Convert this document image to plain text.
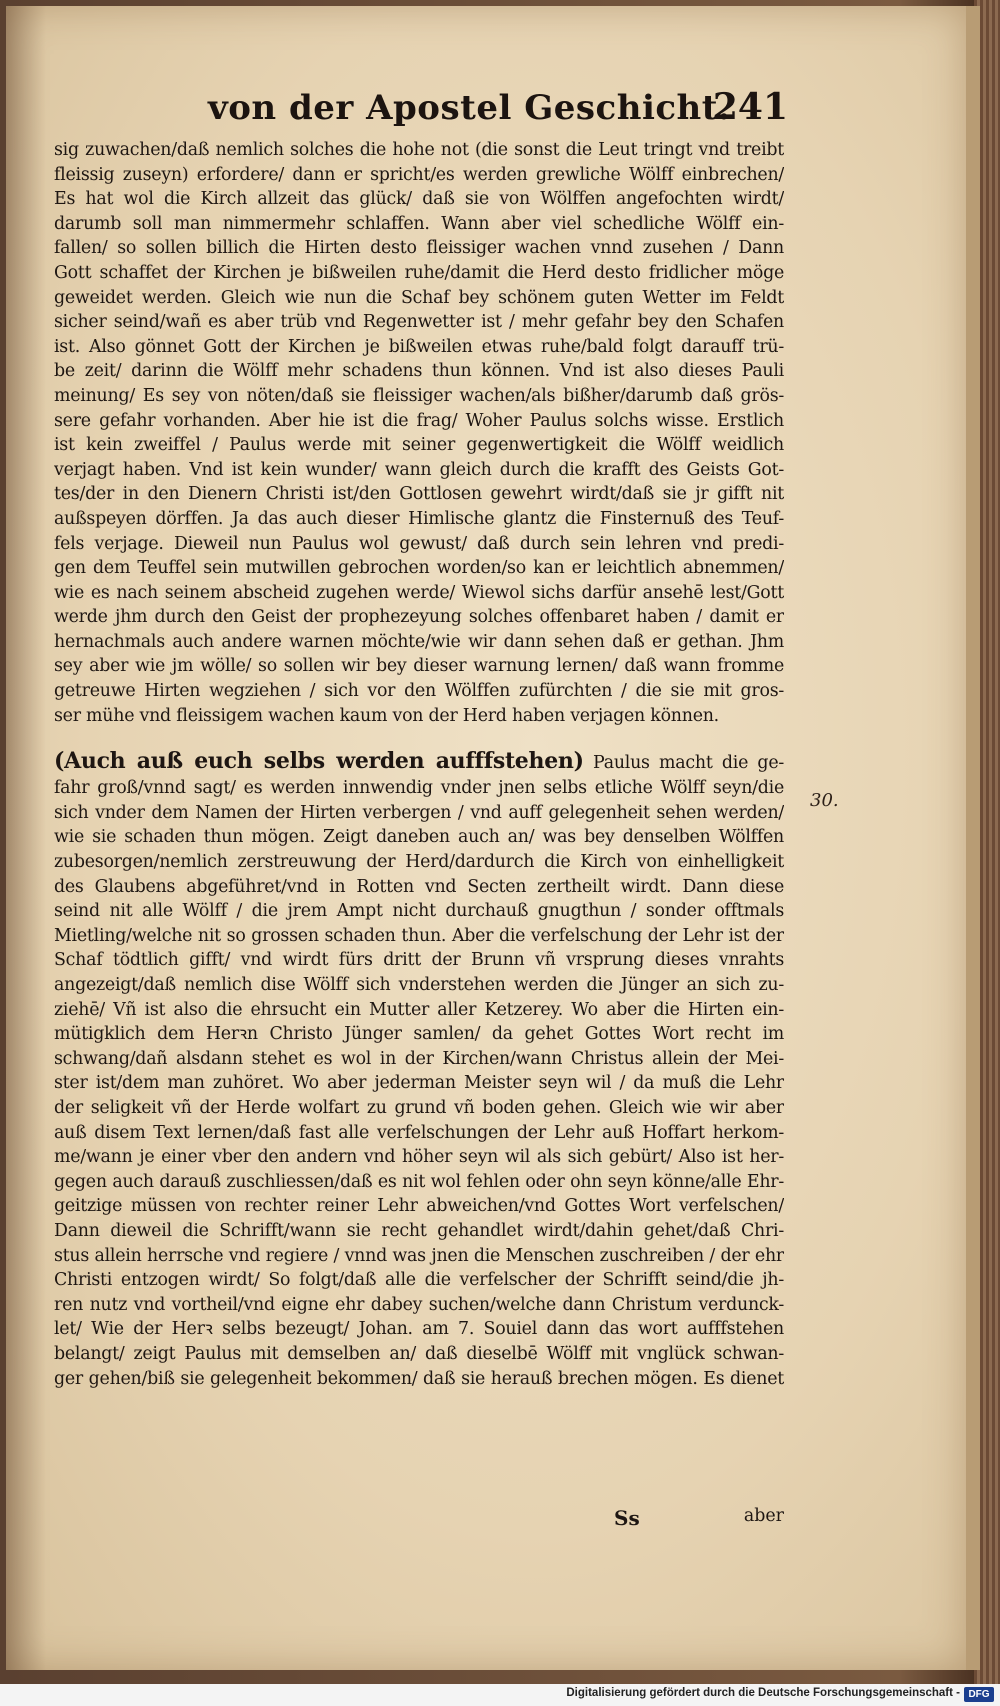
von der Apostel Geschicht.
241
sig zuwachen/daß nemlich solches die hohe not (die sonst die Leut tringt vnd treibt
fleissig zuseyn) erfordere/ dann er spricht/es werden grewliche Wölff einbrechen/
Es hat wol die Kirch allzeit das glück/ daß sie von Wölffen angefochten wirdt/
darumb soll man nimmermehr schlaffen. Wann aber viel schedliche Wölff ein-
fallen/ so sollen billich die Hirten desto fleissiger wachen vnnd zusehen / Dann
Gott schaffet der Kirchen je bißweilen ruhe/damit die Herd desto fridlicher möge
geweidet werden. Gleich wie nun die Schaf bey schönem guten Wetter im Feldt
sicher seind/wañ es aber trüb vnd Regenwetter ist / mehr gefahr bey den Schafen
ist. Also gönnet Gott der Kirchen je bißweilen etwas ruhe/bald folgt darauff trü-
be zeit/ darinn die Wölff mehr schadens thun können. Vnd ist also dieses Pauli
meinung/ Es sey von nöten/daß sie fleissiger wachen/als bißher/darumb daß grös-
sere gefahr vorhanden. Aber hie ist die frag/ Woher Paulus solchs wisse. Erstlich
ist kein zweiffel / Paulus werde mit seiner gegenwertigkeit die Wölff weidlich
verjagt haben. Vnd ist kein wunder/ wann gleich durch die krafft des Geists Got-
tes/der in den Dienern Christi ist/den Gottlosen gewehrt wirdt/daß sie jr gifft nit
außspeyen dörffen. Ja das auch dieser Himlische glantz die Finsternuß des Teuf-
fels verjage. Dieweil nun Paulus wol gewust/ daß durch sein lehren vnd predi-
gen dem Teuffel sein mutwillen gebrochen worden/so kan er leichtlich abnemmen/
wie es nach seinem abscheid zugehen werde/ Wiewol sichs darfür ansehē lest/Gott
werde jhm durch den Geist der prophezeyung solches offenbaret haben / damit er
hernachmals auch andere warnen möchte/wie wir dann sehen daß er gethan. Jhm
sey aber wie jm wölle/ so sollen wir bey dieser warnung lernen/ daß wann fromme
getreuwe Hirten wegziehen / sich vor den Wölffen zufürchten / die sie mit gros-
ser mühe vnd fleissigem wachen kaum von der Herd haben verjagen können.
(Auch auß euch selbs werden aufffstehen) Paulus macht die ge-
fahr groß/vnnd sagt/ es werden innwendig vnder jnen selbs etliche Wölff seyn/die
sich vnder dem Namen der Hirten verbergen / vnd auff gelegenheit sehen werden/
wie sie schaden thun mögen. Zeigt daneben auch an/ was bey denselben Wölffen
zubesorgen/nemlich zerstreuwung der Herd/dardurch die Kirch von einhelligkeit
des Glaubens abgeführet/vnd in Rotten vnd Secten zertheilt wirdt. Dann diese
seind nit alle Wölff / die jrem Ampt nicht durchauß gnugthun / sonder offtmals
Mietling/welche nit so grossen schaden thun. Aber die verfelschung der Lehr ist der
Schaf tödtlich gifft/ vnd wirdt fürs dritt der Brunn vñ vrsprung dieses vnrahts
angezeigt/daß nemlich dise Wölff sich vnderstehen werden die Jünger an sich zu-
ziehē/ Vñ ist also die ehrsucht ein Mutter aller Ketzerey. Wo aber die Hirten ein-
mütigklich dem Herꝛn Christo Jünger samlen/ da gehet Gottes Wort recht im
schwang/dañ alsdann stehet es wol in der Kirchen/wann Christus allein der Mei-
ster ist/dem man zuhöret. Wo aber jederman Meister seyn wil / da muß die Lehr
der seligkeit vñ der Herde wolfart zu grund vñ boden gehen. Gleich wie wir aber
auß disem Text lernen/daß fast alle verfelschungen der Lehr auß Hoffart herkom-
me/wann je einer vber den andern vnd höher seyn wil als sich gebürt/ Also ist her-
gegen auch darauß zuschliessen/daß es nit wol fehlen oder ohn seyn könne/alle Ehr-
geitzige müssen von rechter reiner Lehr abweichen/vnd Gottes Wort verfelschen/
Dann dieweil die Schrifft/wann sie recht gehandlet wirdt/dahin gehet/daß Chri-
stus allein herrsche vnd regiere / vnnd was jnen die Menschen zuschreiben / der ehr
Christi entzogen wirdt/ So folgt/daß alle die verfelscher der Schrifft seind/die jh-
ren nutz vnd vortheil/vnd eigne ehr dabey suchen/welche dann Christum verdunck-
let/ Wie der Herꝛ selbs bezeugt/ Johan. am 7. Souiel dann das wort aufffstehen
belangt/ zeigt Paulus mit demselben an/ daß dieselbē Wölff mit vnglück schwan-
ger gehen/biß sie gelegenheit bekommen/ daß sie herauß brechen mögen. Es dienet
30.
Ss	aber
Digitalisierung gefördert durch die Deutsche Forschungsgemeinschaft - DFG
